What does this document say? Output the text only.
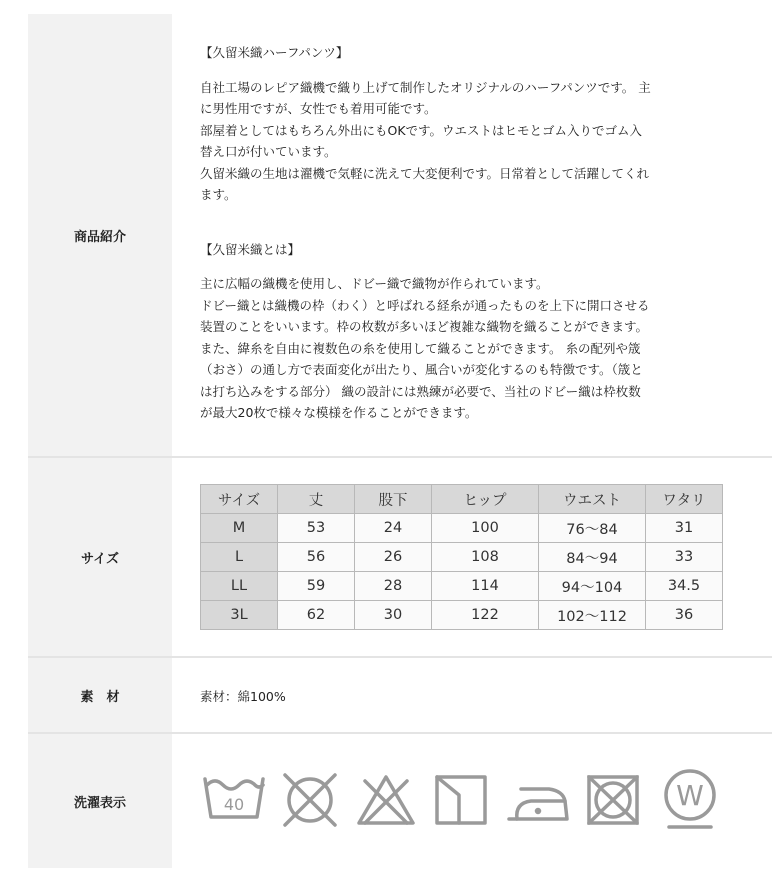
商品紹介

【久留米織ハーフパンツ】

自社工場のレピア織機で織り上げて制作したオリジナルのハーフパンツです。 主

に男性用ですが、女性でも着用可能です。

部屋着としてはもちろん外出にもOKです。ウエストはヒモとゴム入りでゴム入

替え口が付いています。

久留米織の生地は濯機で気軽に洗えて大変便利です。日常着として活躍してくれ

ます。

【久留米織とは】

主に広幅の織機を使用し、ドビー織で織物が作られています。

ドビー織とは織機の枠（わく）と呼ばれる経糸が通ったものを上下に開口させる

装置のことをいいます。枠の枚数が多いほど複雑な織物を織ることができます。

また、緯糸を自由に複数色の糸を使用して織ることができます。 糸の配列や筬

（おさ）の通し方で表面変化が出たり、風合いが変化するのも特徴です。（筬と

は打ち込みをする部分） 織の設計には熟練が必要で、当社のドビー織は枠枚数

が最大20枚で様々な模様を作ることができます。

サイズ
サイズ	丈	股下	ヒップ	ウエスト	ワタリ
M	53	24	100	76～84	31
L	56	26	108	84～94	33
LL	59	28	114	94～104	34.5
3L	62	30	122	102～112	36
素　材	素材：綿100%

洗濯表示	40	W
